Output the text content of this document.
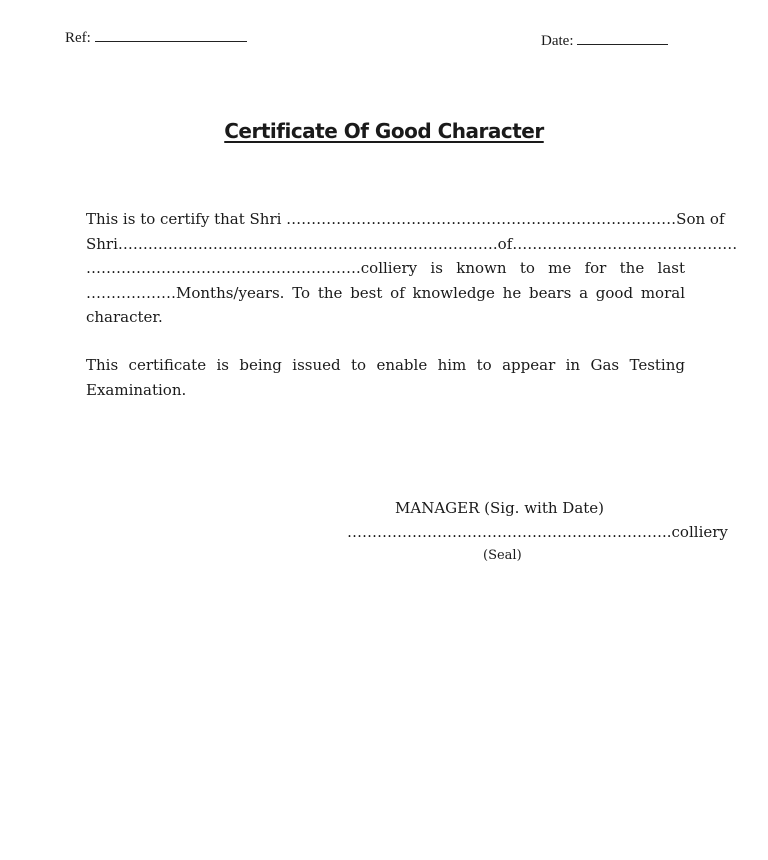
Ref:	Date:
Certificate Of Good Character
This is to certify that Shri ……………………………………………………………………Son of
Shri………………………………………………………………….of………………………………………
……………………………………………….colliery is known to me for the last
………………Months/years. To the best of knowledge he bears a good moral
character.
This certificate is being issued to enable him to appear in Gas Testing
Examination.
MANAGER (Sig. with Date)
………………………………………………………..colliery
(Seal)
